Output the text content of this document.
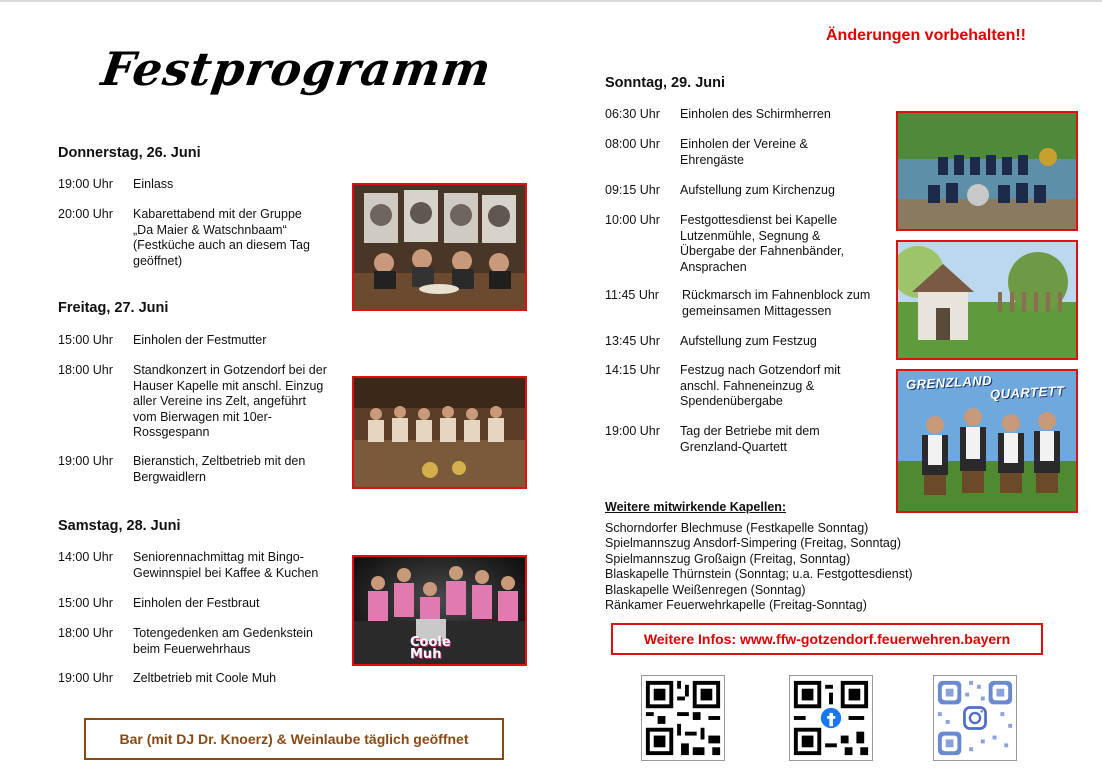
Festprogramm
Änderungen vorbehalten!!
Donnerstag, 26. Juni
19:00 Uhr	Einlass
20:00 Uhr	Kabarettabend mit der Gruppe „Da Maier & Watschnbaam“ (Festküche auch an diesem Tag geöffnet)
Freitag, 27. Juni
15:00 Uhr	Einholen der Festmutter
18:00 Uhr	Standkonzert in Gotzendorf bei der Hauser Kapelle mit anschl. Einzug aller Vereine ins Zelt, angeführt vom Bierwagen mit 10er-Rossgespann
19:00 Uhr	Bieranstich, Zeltbetrieb mit den Bergwaidlern
Samstag, 28. Juni
14:00 Uhr	Seniorennachmittag mit Bingo-Gewinnspiel bei Kaffee & Kuchen
15:00 Uhr	Einholen der Festbraut
18:00 Uhr	Totengedenken am Gedenkstein beim Feuerwehrhaus
19:00 Uhr	Zeltbetrieb mit Coole Muh
Coole
Muh
Bar (mit DJ Dr. Knoerz) & Weinlaube täglich geöffnet
Sonntag, 29. Juni
06:30 Uhr	Einholen des Schirmherren
08:00 Uhr	Einholen der Vereine & Ehrengäste
09:15 Uhr	Aufstellung zum Kirchenzug
10:00 Uhr	Festgottesdienst bei Kapelle Lutzenmühle, Segnung & Übergabe der Fahnenbänder, Ansprachen
11:45 Uhr	Rückmarsch im Fahnenblock zum gemeinsamen Mittagessen
13:45 Uhr	Aufstellung zum Festzug
14:15 Uhr	Festzug nach Gotzendorf mit anschl. Fahneneinzug & Spendenübergabe
19:00 Uhr	Tag der Betriebe mit dem Grenzland-Quartett
GRENZLAND
QUARTETT
Weitere mitwirkende Kapellen:
Schorndorfer Blechmuse (Festkapelle Sonntag)
Spielmannszug Ansdorf-Simpering (Freitag, Sonntag)
Spielmannszug Großaign (Freitag, Sonntag)
Blaskapelle Thürnstein (Sonntag; u.a. Festgottesdienst)
Blaskapelle Weißenregen (Sonntag)
Ränkamer Feuerwehrkapelle (Freitag-Sonntag)
Weitere Infos: www.ffw-gotzendorf.feuerwehren.bayern
